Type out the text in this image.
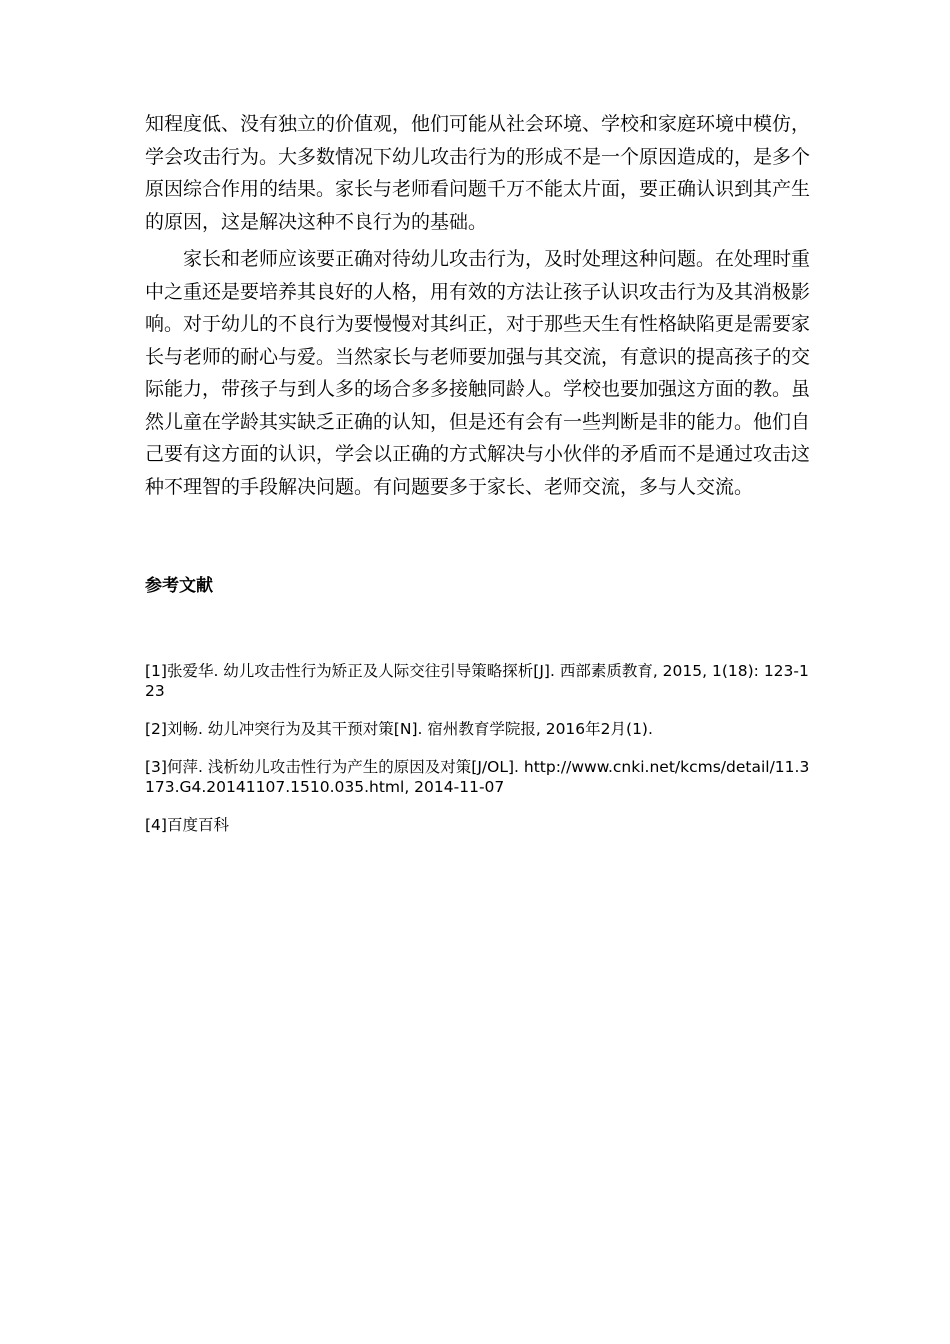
知程度低、没有独立的价值观，他们可能从社会环境、学校和家庭环境中模仿，学会攻击行为。大多数情况下幼儿攻击行为的形成不是一个原因造成的，是多个原因综合作用的结果。家长与老师看问题千万不能太片面，要正确认识到其产生的原因，这是解决这种不良行为的基础。

家长和老师应该要正确对待幼儿攻击行为，及时处理这种问题。在处理时重中之重还是要培养其良好的人格，用有效的方法让孩子认识攻击行为及其消极影响。对于幼儿的不良行为要慢慢对其纠正，对于那些天生有性格缺陷更是需要家长与老师的耐心与爱。当然家长与老师要加强与其交流，有意识的提高孩子的交际能力，带孩子与到人多的场合多多接触同龄人。学校也要加强这方面的教。虽然儿童在学龄其实缺乏正确的认知，但是还有会有一些判断是非的能力。他们自己要有这方面的认识，学会以正确的方式解决与小伙伴的矛盾而不是通过攻击这种不理智的手段解决问题。有问题要多于家长、老师交流，多与人交流。

参考文献

[1]张爱华. 幼儿攻击性行为矫正及人际交往引导策略探析[J]. 西部素质教育, 2015, 1(18): 123-123

[2]刘畅. 幼儿冲突行为及其干预对策[N]. 宿州教育学院报, 2016年2月(1).

[3]何萍. 浅析幼儿攻击性行为产生的原因及对策[J/OL]. http://www.cnki.net/kcms/detail/11.3173.G4.20141107.1510.035.html, 2014-11-07

[4]百度百科
